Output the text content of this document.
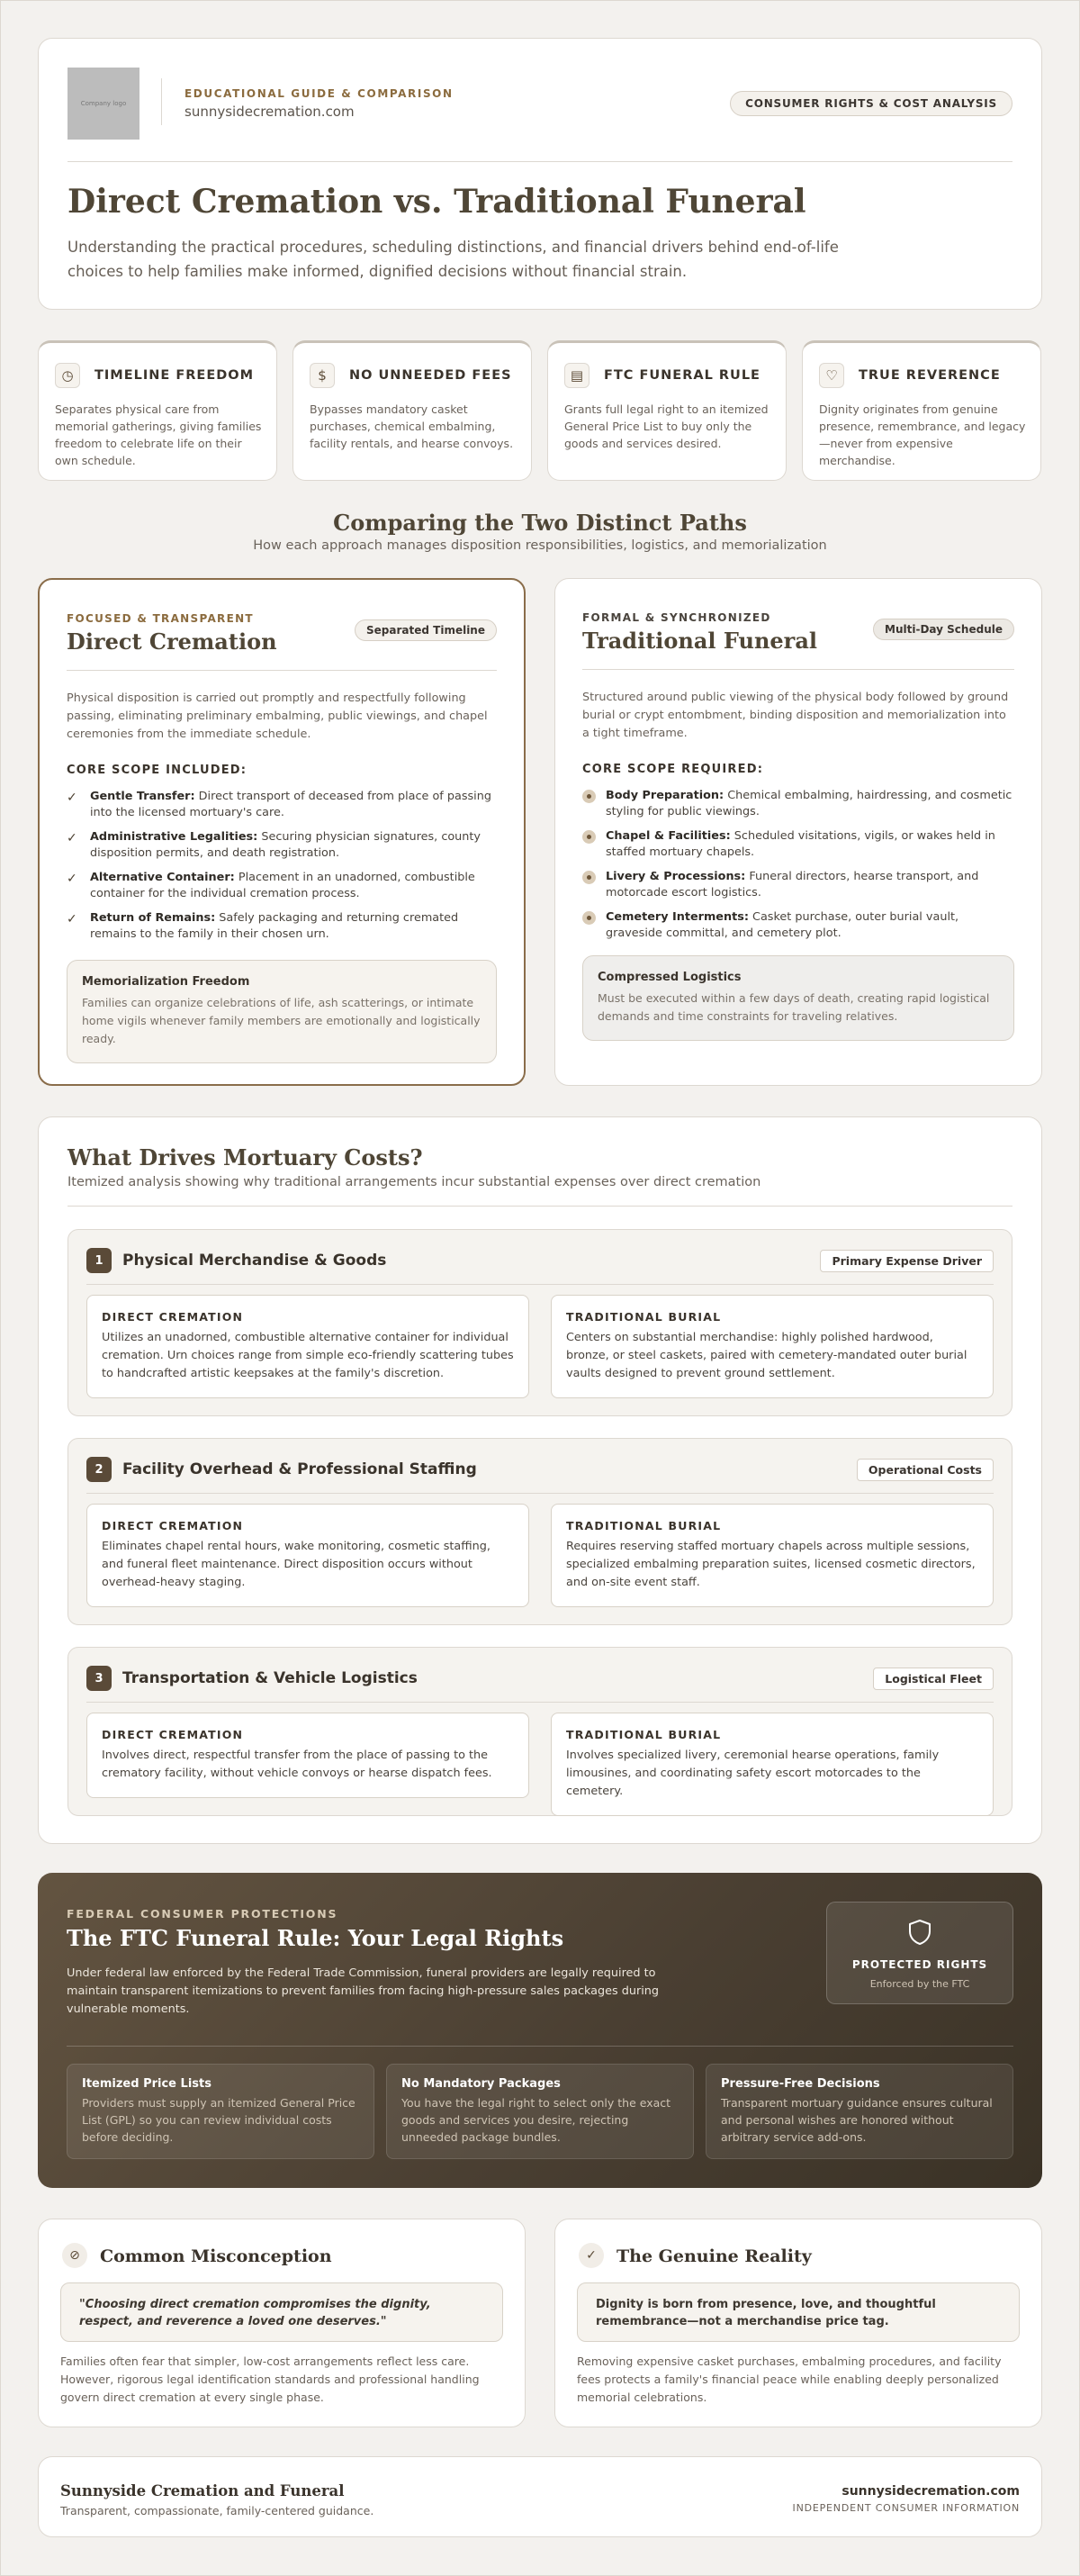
Company logo
EDUCATIONAL GUIDE & COMPARISON
sunnysidecremation.com	CONSUMER RIGHTS & COST ANALYSIS
Direct Cremation vs. Traditional Funeral

Understanding the practical procedures, scheduling distinctions, and financial drivers behind end-of-life choices to help families make informed, dignified decisions without financial strain.

◷	TIMELINE FREEDOM
Separates physical care from memorial gatherings, giving families freedom to celebrate life on their own schedule.
$	NO UNNEEDED FEES
Bypasses mandatory casket purchases, chemical embalming, facility rentals, and hearse convoys.
▤	FTC FUNERAL RULE
Grants full legal right to an itemized General Price List to buy only the goods and services desired.
♡	TRUE REVERENCE
Dignity originates from genuine presence, remembrance, and legacy—never from expensive merchandise.
Comparing the Two Distinct Paths

How each approach manages disposition responsibilities, logistics, and memorialization

FOCUSED & TRANSPARENT
Direct Cremation	Separated Timeline

Physical disposition is carried out promptly and respectfully following passing, eliminating preliminary embalming, public viewings, and chapel ceremonies from the immediate schedule.

CORE SCOPE INCLUDED:
✓ Gentle Transfer: Direct transport of deceased from place of passing into the licensed mortuary's care.
✓ Administrative Legalities: Securing physician signatures, county disposition permits, and death registration.
✓ Alternative Container: Placement in an unadorned, combustible container for the individual cremation process.
✓ Return of Remains: Safely packaging and returning cremated remains to the family in their chosen urn.
Memorialization Freedom
Families can organize celebrations of life, ash scatterings, or intimate home vigils whenever family members are emotionally and logistically ready.
FORMAL & SYNCHRONIZED
Traditional Funeral	Multi-Day Schedule

Structured around public viewing of the physical body followed by ground burial or crypt entombment, binding disposition and memorialization into a tight timeframe.

CORE SCOPE REQUIRED:
Body Preparation: Chemical embalming, hairdressing, and cosmetic styling for public viewings.
Chapel & Facilities: Scheduled visitations, vigils, or wakes held in staffed mortuary chapels.
Livery & Processions: Funeral directors, hearse transport, and motorcade escort logistics.
Cemetery Interments: Casket purchase, outer burial vault, graveside committal, and cemetery plot.
Compressed Logistics
Must be executed within a few days of death, creating rapid logistical demands and time constraints for traveling relatives.
What Drives Mortuary Costs?

Itemized analysis showing why traditional arrangements incur substantial expenses over direct cremation

1	Physical Merchandise & Goods	Primary Expense Driver
DIRECT CREMATION
Utilizes an unadorned, combustible alternative container for individual cremation. Urn choices range from simple eco-friendly scattering tubes to handcrafted artistic keepsakes at the family's discretion.
TRADITIONAL BURIAL
Centers on substantial merchandise: highly polished hardwood, bronze, or steel caskets, paired with cemetery-mandated outer burial vaults designed to prevent ground settlement.
2	Facility Overhead & Professional Staffing	Operational Costs
DIRECT CREMATION
Eliminates chapel rental hours, wake monitoring, cosmetic staffing, and funeral fleet maintenance. Direct disposition occurs without overhead-heavy staging.
TRADITIONAL BURIAL
Requires reserving staffed mortuary chapels across multiple sessions, specialized embalming preparation suites, licensed cosmetic directors, and on-site event staff.
3	Transportation & Vehicle Logistics	Logistical Fleet
DIRECT CREMATION
Involves direct, respectful transfer from the place of passing to the crematory facility, without vehicle convoys or hearse dispatch fees.
TRADITIONAL BURIAL
Involves specialized livery, ceremonial hearse operations, family limousines, and coordinating safety escort motorcades to the cemetery.
FEDERAL CONSUMER PROTECTIONS
The FTC Funeral Rule: Your Legal Rights

Under federal law enforced by the Federal Trade Commission, funeral providers are legally required to maintain transparent itemizations to prevent families from facing high-pressure sales packages during vulnerable moments.

PROTECTED RIGHTS
Enforced by the FTC
Itemized Price Lists
Providers must supply an itemized General Price List (GPL) so you can review individual costs before deciding.
No Mandatory Packages
You have the legal right to select only the exact goods and services you desire, rejecting unneeded package bundles.
Pressure-Free Decisions
Transparent mortuary guidance ensures cultural and personal wishes are honored without arbitrary service add-ons.
⊘	Common Misconception
"Choosing direct cremation compromises the dignity, respect, and reverence a loved one deserves."

Families often fear that simpler, low-cost arrangements reflect less care. However, rigorous legal identification standards and professional handling govern direct cremation at every single phase.

✓	The Genuine Reality
Dignity is born from presence, love, and thoughtful remembrance—not a merchandise price tag.

Removing expensive casket purchases, embalming procedures, and facility fees protects a family's financial peace while enabling deeply personalized memorial celebrations.

Sunnyside Cremation and Funeral
Transparent, compassionate, family-centered guidance.
sunnysidecremation.com
INDEPENDENT CONSUMER INFORMATION
